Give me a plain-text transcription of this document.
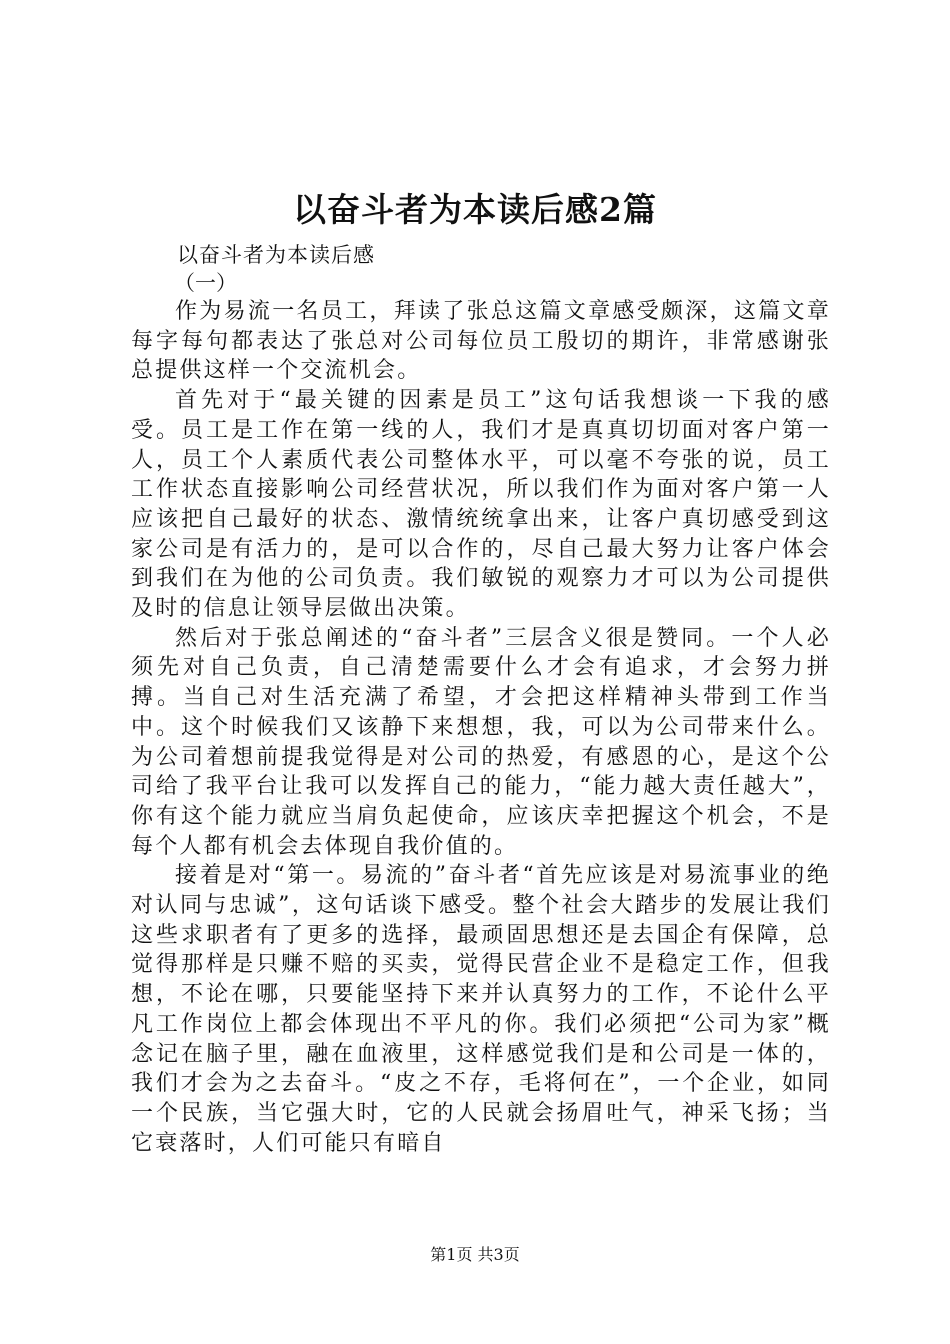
以奋斗者为本读后感2篇
以奋斗者为本读后感
（一）

作为易流一名员工，拜读了张总这篇文章感受颇深，这篇文章每字每句都表达了张总对公司每位员工殷切的期许，非常感谢张总提供这样一个交流机会。

首先对于“最关键的因素是员工”这句话我想谈一下我的感受。员工是工作在第一线的人，我们才是真真切切面对客户第一人，员工个人素质代表公司整体水平，可以毫不夸张的说，员工工作状态直接影响公司经营状况，所以我们作为面对客户第一人应该把自己最好的状态、激情统统拿出来，让客户真切感受到这家公司是有活力的，是可以合作的，尽自己最大努力让客户体会到我们在为他的公司负责。我们敏锐的观察力才可以为公司提供及时的信息让领导层做出决策。

然后对于张总阐述的“奋斗者”三层含义很是赞同。一个人必须先对自己负责，自己清楚需要什么才会有追求，才会努力拼搏。当自己对生活充满了希望，才会把这样精神头带到工作当中。这个时候我们又该静下来想想，我，可以为公司带来什么。为公司着想前提我觉得是对公司的热爱，有感恩的心，是这个公司给了我平台让我可以发挥自己的能力，“能力越大责任越大”，你有这个能力就应当肩负起使命，应该庆幸把握这个机会，不是每个人都有机会去体现自我价值的。

接着是对“第一。易流的”奋斗者“首先应该是对易流事业的绝对认同与忠诚”，这句话谈下感受。整个社会大踏步的发展让我们这些求职者有了更多的选择，最顽固思想还是去国企有保障，总觉得那样是只赚不赔的买卖，觉得民营企业不是稳定工作，但我想，不论在哪，只要能坚持下来并认真努力的工作，不论什么平凡工作岗位上都会体现出不平凡的你。我们必须把“公司为家”概念记在脑子里，融在血液里，这样感觉我们是和公司是一体的，我们才会为之去奋斗。“皮之不存，毛将何在”，一个企业，如同一个民族，当它强大时，它的人民就会扬眉吐气，神采飞扬；当它衰落时，人们可能只有暗自

第1页 共3页
